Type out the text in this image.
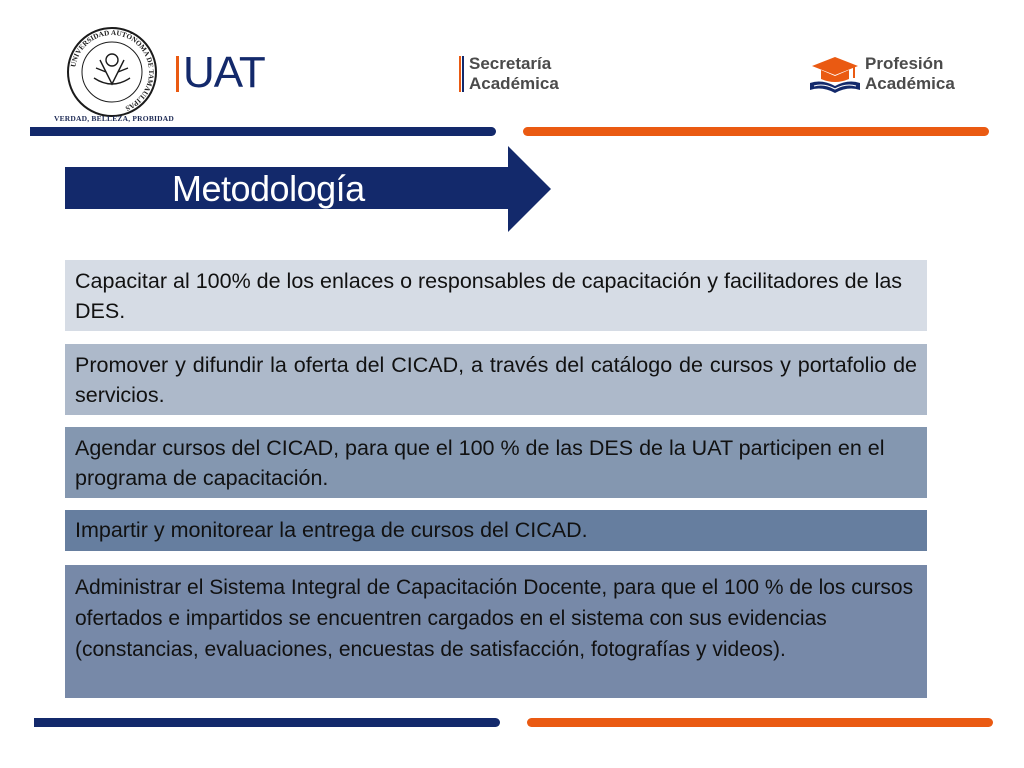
UNIVERSIDAD AUTÓNOMA DE TAMAULIPAS
VERDAD, BELLEZA, PROBIDAD
UAT	Secretaría
Académica
Profesión
Académica
Metodología
Capacitar al 100% de los enlaces o responsables de capacitación y facilitadores de las DES.
Promover y difundir la oferta del CICAD, a través del catálogo de cursos y portafolio de servicios.
Agendar cursos del CICAD, para que el 100 % de las DES de la UAT participen en el programa de capacitación.
Impartir y monitorear la entrega de cursos del CICAD.
Administrar el Sistema Integral de Capacitación Docente, para que el 100 % de los cursos ofertados e impartidos se encuentren cargados en el sistema con sus evidencias (constancias, evaluaciones, encuestas de satisfacción, fotografías y videos).
